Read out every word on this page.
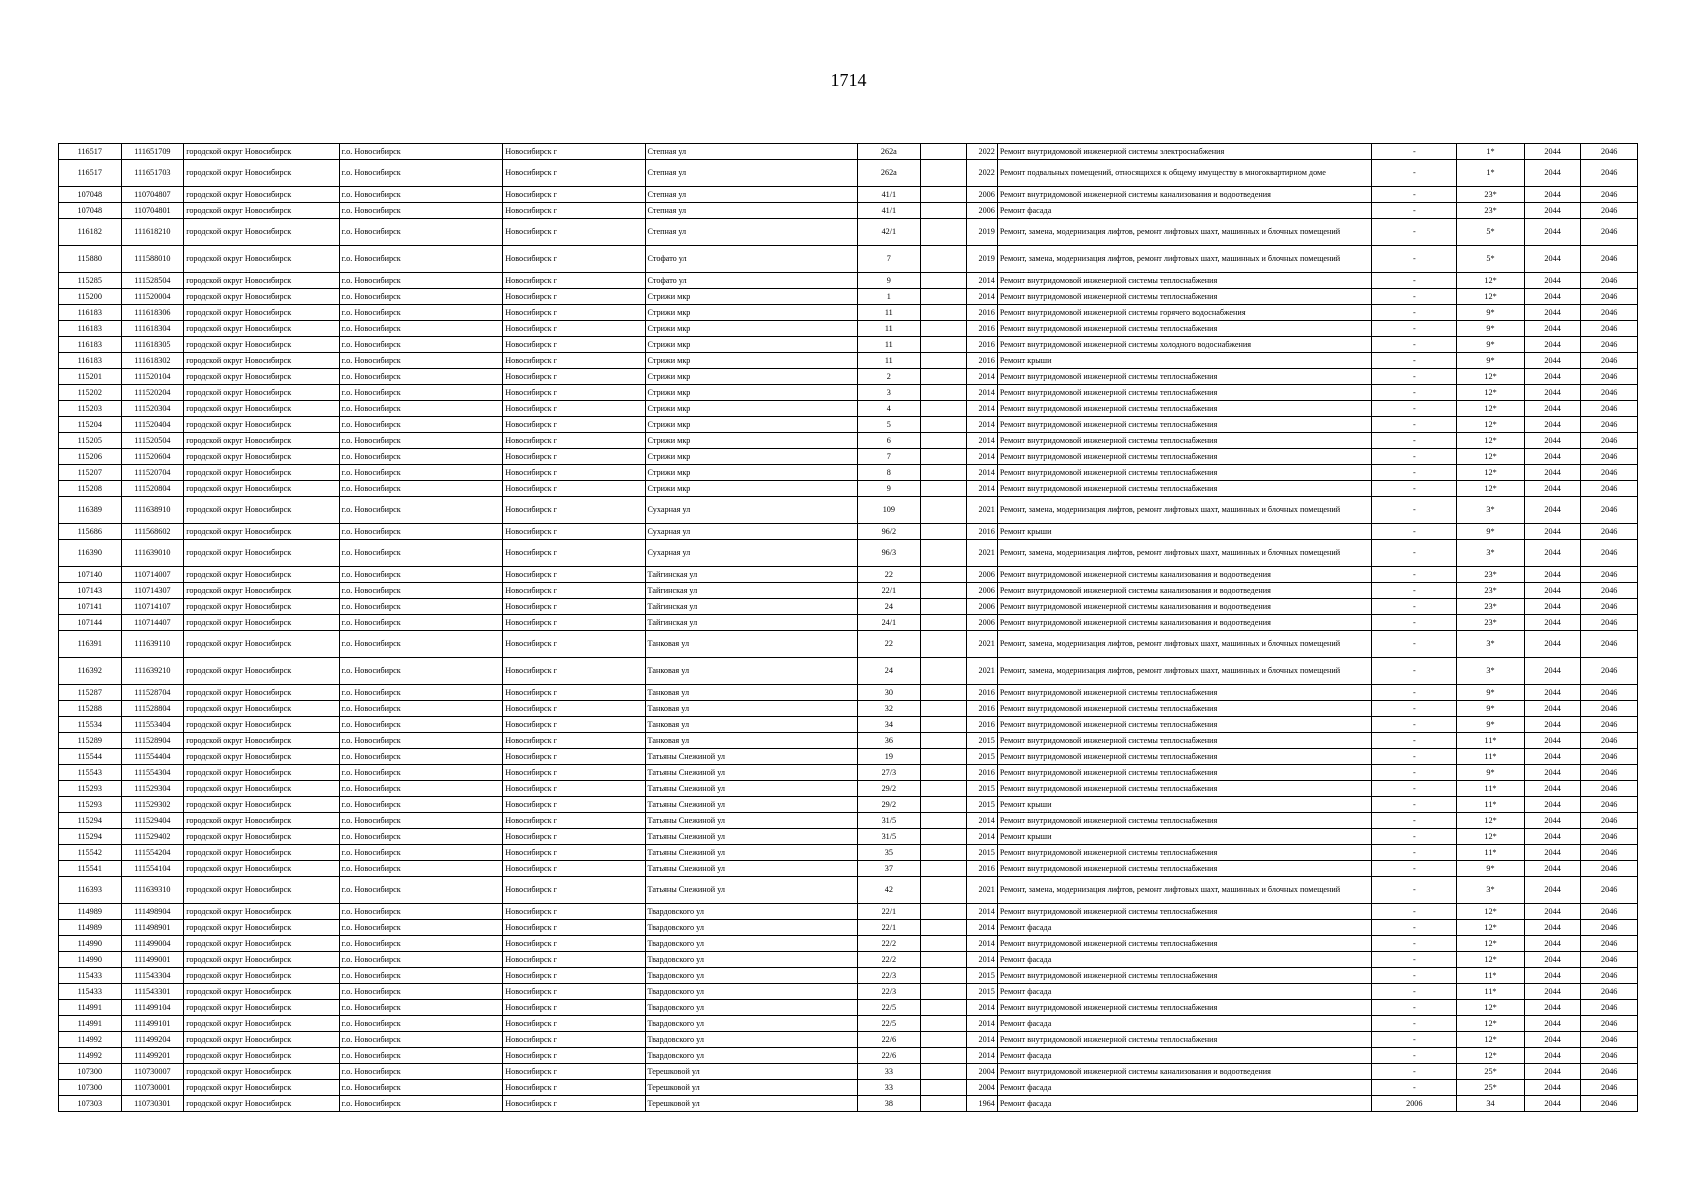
1714
116517	111651709	городской округ Новосибирск	г.о. Новосибирск	Новосибирск г	Степная ул	262а		2022	Ремонт внутридомовой инженерной системы электроснабжения	-	1*	2044	2046
116517	111651703	городской округ Новосибирск	г.о. Новосибирск	Новосибирск г	Степная ул	262а		2022	Ремонт подвальных помещений, относящихся к общему имуществу в многоквартирном доме	-	1*	2044	2046
107048	110704807	городской округ Новосибирск	г.о. Новосибирск	Новосибирск г	Степная ул	41/1		2006	Ремонт внутридомовой инженерной системы канализования и водоотведения	-	23*	2044	2046
107048	110704801	городской округ Новосибирск	г.о. Новосибирск	Новосибирск г	Степная ул	41/1		2006	Ремонт фасада	-	23*	2044	2046
116182	111618210	городской округ Новосибирск	г.о. Новосибирск	Новосибирск г	Степная ул	42/1		2019	Ремонт, замена, модернизация лифтов, ремонт лифтовых шахт, машинных и блочных помещений	-	5*	2044	2046
115880	111588010	городской округ Новосибирск	г.о. Новосибирск	Новосибирск г	Стофато ул	7		2019	Ремонт, замена, модернизация лифтов, ремонт лифтовых шахт, машинных и блочных помещений	-	5*	2044	2046
115285	111528504	городской округ Новосибирск	г.о. Новосибирск	Новосибирск г	Стофато ул	9		2014	Ремонт внутридомовой инженерной системы теплоснабжения	-	12*	2044	2046
115200	111520004	городской округ Новосибирск	г.о. Новосибирск	Новосибирск г	Стрижи мкр	1		2014	Ремонт внутридомовой инженерной системы теплоснабжения	-	12*	2044	2046
116183	111618306	городской округ Новосибирск	г.о. Новосибирск	Новосибирск г	Стрижи мкр	11		2016	Ремонт внутридомовой инженерной системы горячего водоснабжения	-	9*	2044	2046
116183	111618304	городской округ Новосибирск	г.о. Новосибирск	Новосибирск г	Стрижи мкр	11		2016	Ремонт внутридомовой инженерной системы теплоснабжения	-	9*	2044	2046
116183	111618305	городской округ Новосибирск	г.о. Новосибирск	Новосибирск г	Стрижи мкр	11		2016	Ремонт внутридомовой инженерной системы холодного водоснабжения	-	9*	2044	2046
116183	111618302	городской округ Новосибирск	г.о. Новосибирск	Новосибирск г	Стрижи мкр	11		2016	Ремонт крыши	-	9*	2044	2046
115201	111520104	городской округ Новосибирск	г.о. Новосибирск	Новосибирск г	Стрижи мкр	2		2014	Ремонт внутридомовой инженерной системы теплоснабжения	-	12*	2044	2046
115202	111520204	городской округ Новосибирск	г.о. Новосибирск	Новосибирск г	Стрижи мкр	3		2014	Ремонт внутридомовой инженерной системы теплоснабжения	-	12*	2044	2046
115203	111520304	городской округ Новосибирск	г.о. Новосибирск	Новосибирск г	Стрижи мкр	4		2014	Ремонт внутридомовой инженерной системы теплоснабжения	-	12*	2044	2046
115204	111520404	городской округ Новосибирск	г.о. Новосибирск	Новосибирск г	Стрижи мкр	5		2014	Ремонт внутридомовой инженерной системы теплоснабжения	-	12*	2044	2046
115205	111520504	городской округ Новосибирск	г.о. Новосибирск	Новосибирск г	Стрижи мкр	6		2014	Ремонт внутридомовой инженерной системы теплоснабжения	-	12*	2044	2046
115206	111520604	городской округ Новосибирск	г.о. Новосибирск	Новосибирск г	Стрижи мкр	7		2014	Ремонт внутридомовой инженерной системы теплоснабжения	-	12*	2044	2046
115207	111520704	городской округ Новосибирск	г.о. Новосибирск	Новосибирск г	Стрижи мкр	8		2014	Ремонт внутридомовой инженерной системы теплоснабжения	-	12*	2044	2046
115208	111520804	городской округ Новосибирск	г.о. Новосибирск	Новосибирск г	Стрижи мкр	9		2014	Ремонт внутридомовой инженерной системы теплоснабжения	-	12*	2044	2046
116389	111638910	городской округ Новосибирск	г.о. Новосибирск	Новосибирск г	Сухарная ул	109		2021	Ремонт, замена, модернизация лифтов, ремонт лифтовых шахт, машинных и блочных помещений	-	3*	2044	2046
115686	111568602	городской округ Новосибирск	г.о. Новосибирск	Новосибирск г	Сухарная ул	96/2		2016	Ремонт крыши	-	9*	2044	2046
116390	111639010	городской округ Новосибирск	г.о. Новосибирск	Новосибирск г	Сухарная ул	96/3		2021	Ремонт, замена, модернизация лифтов, ремонт лифтовых шахт, машинных и блочных помещений	-	3*	2044	2046
107140	110714007	городской округ Новосибирск	г.о. Новосибирск	Новосибирск г	Тайгинская ул	22		2006	Ремонт внутридомовой инженерной системы канализования и водоотведения	-	23*	2044	2046
107143	110714307	городской округ Новосибирск	г.о. Новосибирск	Новосибирск г	Тайгинская ул	22/1		2006	Ремонт внутридомовой инженерной системы канализования и водоотведения	-	23*	2044	2046
107141	110714107	городской округ Новосибирск	г.о. Новосибирск	Новосибирск г	Тайгинская ул	24		2006	Ремонт внутридомовой инженерной системы канализования и водоотведения	-	23*	2044	2046
107144	110714407	городской округ Новосибирск	г.о. Новосибирск	Новосибирск г	Тайгинская ул	24/1		2006	Ремонт внутридомовой инженерной системы канализования и водоотведения	-	23*	2044	2046
116391	111639110	городской округ Новосибирск	г.о. Новосибирск	Новосибирск г	Танковая ул	22		2021	Ремонт, замена, модернизация лифтов, ремонт лифтовых шахт, машинных и блочных помещений	-	3*	2044	2046
116392	111639210	городской округ Новосибирск	г.о. Новосибирск	Новосибирск г	Танковая ул	24		2021	Ремонт, замена, модернизация лифтов, ремонт лифтовых шахт, машинных и блочных помещений	-	3*	2044	2046
115287	111528704	городской округ Новосибирск	г.о. Новосибирск	Новосибирск г	Танковая ул	30		2016	Ремонт внутридомовой инженерной системы теплоснабжения	-	9*	2044	2046
115288	111528804	городской округ Новосибирск	г.о. Новосибирск	Новосибирск г	Танковая ул	32		2016	Ремонт внутридомовой инженерной системы теплоснабжения	-	9*	2044	2046
115534	111553404	городской округ Новосибирск	г.о. Новосибирск	Новосибирск г	Танковая ул	34		2016	Ремонт внутридомовой инженерной системы теплоснабжения	-	9*	2044	2046
115289	111528904	городской округ Новосибирск	г.о. Новосибирск	Новосибирск г	Танковая ул	36		2015	Ремонт внутридомовой инженерной системы теплоснабжения	-	11*	2044	2046
115544	111554404	городской округ Новосибирск	г.о. Новосибирск	Новосибирск г	Татьяны Снежиной ул	19		2015	Ремонт внутридомовой инженерной системы теплоснабжения	-	11*	2044	2046
115543	111554304	городской округ Новосибирск	г.о. Новосибирск	Новосибирск г	Татьяны Снежиной ул	27/3		2016	Ремонт внутридомовой инженерной системы теплоснабжения	-	9*	2044	2046
115293	111529304	городской округ Новосибирск	г.о. Новосибирск	Новосибирск г	Татьяны Снежиной ул	29/2		2015	Ремонт внутридомовой инженерной системы теплоснабжения	-	11*	2044	2046
115293	111529302	городской округ Новосибирск	г.о. Новосибирск	Новосибирск г	Татьяны Снежиной ул	29/2		2015	Ремонт крыши	-	11*	2044	2046
115294	111529404	городской округ Новосибирск	г.о. Новосибирск	Новосибирск г	Татьяны Снежиной ул	31/5		2014	Ремонт внутридомовой инженерной системы теплоснабжения	-	12*	2044	2046
115294	111529402	городской округ Новосибирск	г.о. Новосибирск	Новосибирск г	Татьяны Снежиной ул	31/5		2014	Ремонт крыши	-	12*	2044	2046
115542	111554204	городской округ Новосибирск	г.о. Новосибирск	Новосибирск г	Татьяны Снежиной ул	35		2015	Ремонт внутридомовой инженерной системы теплоснабжения	-	11*	2044	2046
115541	111554104	городской округ Новосибирск	г.о. Новосибирск	Новосибирск г	Татьяны Снежиной ул	37		2016	Ремонт внутридомовой инженерной системы теплоснабжения	-	9*	2044	2046
116393	111639310	городской округ Новосибирск	г.о. Новосибирск	Новосибирск г	Татьяны Снежиной ул	42		2021	Ремонт, замена, модернизация лифтов, ремонт лифтовых шахт, машинных и блочных помещений	-	3*	2044	2046
114989	111498904	городской округ Новосибирск	г.о. Новосибирск	Новосибирск г	Твардовского ул	22/1		2014	Ремонт внутридомовой инженерной системы теплоснабжения	-	12*	2044	2046
114989	111498901	городской округ Новосибирск	г.о. Новосибирск	Новосибирск г	Твардовского ул	22/1		2014	Ремонт фасада	-	12*	2044	2046
114990	111499004	городской округ Новосибирск	г.о. Новосибирск	Новосибирск г	Твардовского ул	22/2		2014	Ремонт внутридомовой инженерной системы теплоснабжения	-	12*	2044	2046
114990	111499001	городской округ Новосибирск	г.о. Новосибирск	Новосибирск г	Твардовского ул	22/2		2014	Ремонт фасада	-	12*	2044	2046
115433	111543304	городской округ Новосибирск	г.о. Новосибирск	Новосибирск г	Твардовского ул	22/3		2015	Ремонт внутридомовой инженерной системы теплоснабжения	-	11*	2044	2046
115433	111543301	городской округ Новосибирск	г.о. Новосибирск	Новосибирск г	Твардовского ул	22/3		2015	Ремонт фасада	-	11*	2044	2046
114991	111499104	городской округ Новосибирск	г.о. Новосибирск	Новосибирск г	Твардовского ул	22/5		2014	Ремонт внутридомовой инженерной системы теплоснабжения	-	12*	2044	2046
114991	111499101	городской округ Новосибирск	г.о. Новосибирск	Новосибирск г	Твардовского ул	22/5		2014	Ремонт фасада	-	12*	2044	2046
114992	111499204	городской округ Новосибирск	г.о. Новосибирск	Новосибирск г	Твардовского ул	22/6		2014	Ремонт внутридомовой инженерной системы теплоснабжения	-	12*	2044	2046
114992	111499201	городской округ Новосибирск	г.о. Новосибирск	Новосибирск г	Твардовского ул	22/6		2014	Ремонт фасада	-	12*	2044	2046
107300	110730007	городской округ Новосибирск	г.о. Новосибирск	Новосибирск г	Терешковой ул	33		2004	Ремонт внутридомовой инженерной системы канализования и водоотведения	-	25*	2044	2046
107300	110730001	городской округ Новосибирск	г.о. Новосибирск	Новосибирск г	Терешковой ул	33		2004	Ремонт фасада	-	25*	2044	2046
107303	110730301	городской округ Новосибирск	г.о. Новосибирск	Новосибирск г	Терешковой ул	38		1964	Ремонт фасада	2006	34	2044	2046
